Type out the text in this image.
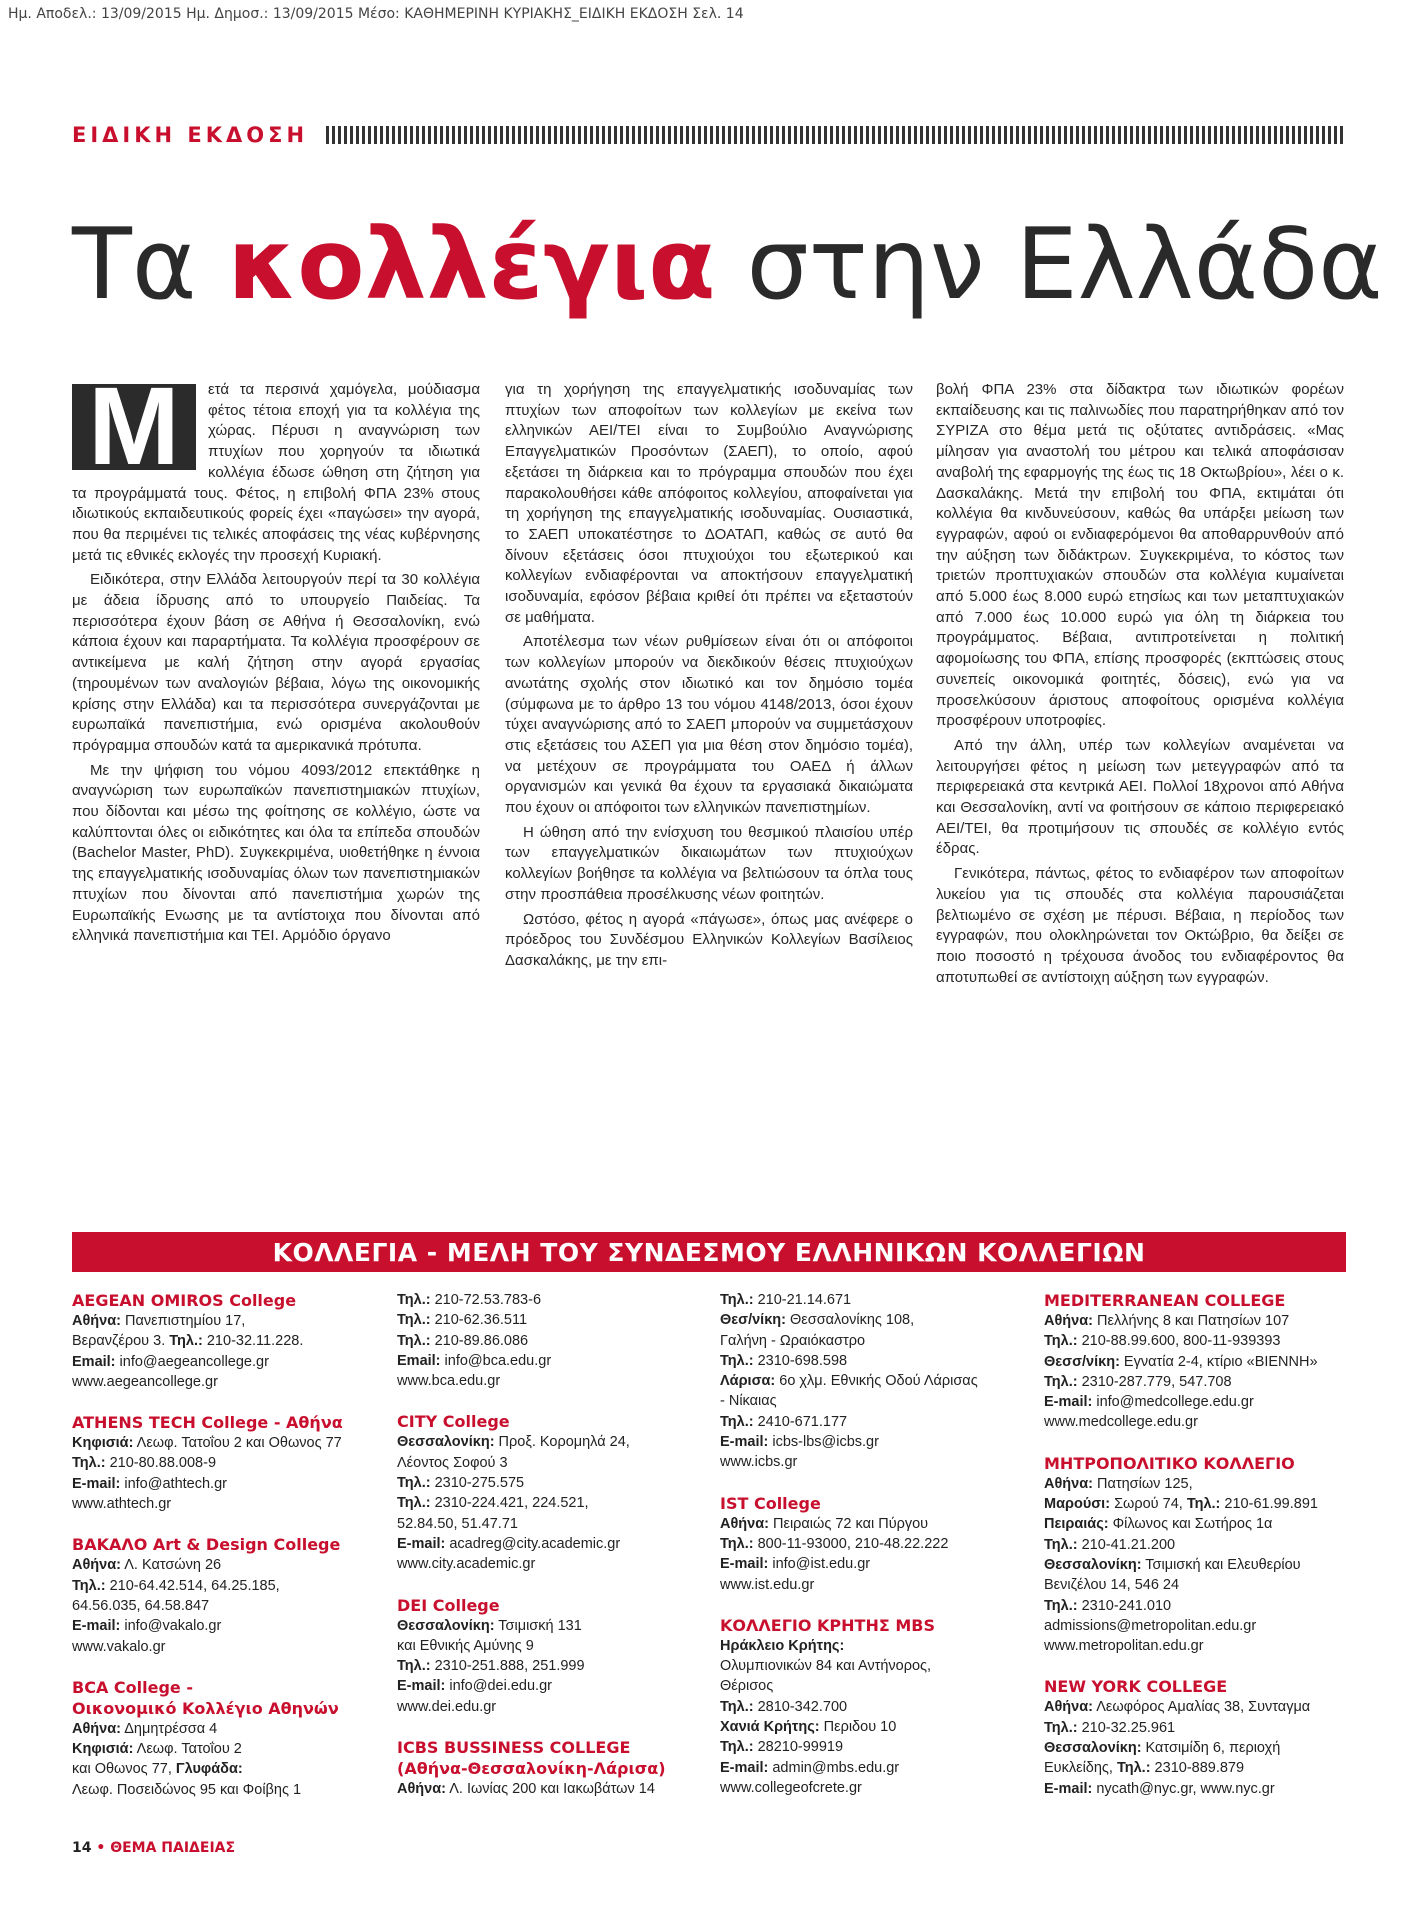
Ημ. Αποδελ.: 13/09/2015 Ημ. Δημοσ.: 13/09/2015 Μέσο: ΚΑΘΗΜΕΡΙΝΗ ΚΥΡΙΑΚΗΣ_ΕΙΔΙΚΗ ΕΚΔΟΣΗ Σελ. 14
ΕΙΔΙΚΗ ΕΚΔΟΣΗ
Τα κολλέγια στην Ελλάδα
Μ	ετά τα περσινά χαμόγελα, μούδιασμα φέτος τέτοια εποχή για τα κολλέγια της χώρας. Πέρυσι η αναγνώριση των πτυχίων που χορηγούν τα ιδιωτικά κολλέγια έδωσε ώθηση στη ζήτηση για τα προγράμματά τους. Φέτος, η επιβολή ΦΠΑ 23% στους ιδιωτικούς εκπαιδευτικούς φορείς έχει «παγώσει» την αγορά, που θα περιμένει τις τελικές αποφάσεις της νέας κυβέρνησης μετά τις εθνικές εκλογές την προσεχή Κυριακή.

Ειδικότερα, στην Ελλάδα λειτουργούν περί τα 30 κολλέγια με άδεια ίδρυσης από το υπουργείο Παιδείας. Τα περισσότερα έχουν βάση σε Αθήνα ή Θεσσαλονίκη, ενώ κάποια έχουν και παραρτήματα. Τα κολλέγια προσφέρουν σε αντικείμενα με καλή ζήτηση στην αγορά εργασίας (τηρουμένων των αναλογιών βέβαια, λόγω της οικονομικής κρίσης στην Ελλάδα) και τα περισσότερα συνεργάζονται με ευρωπαϊκά πανεπιστήμια, ενώ ορισμένα ακολουθούν πρόγραμμα σπουδών κατά τα αμερικανικά πρότυπα.

Με την ψήφιση του νόμου 4093/2012 επεκτάθηκε η αναγνώριση των ευρωπαϊκών πανεπιστημιακών πτυχίων, που δίδονται και μέσω της φοίτησης σε κολλέγιο, ώστε να καλύπτονται όλες οι ειδικότητες και όλα τα επίπεδα σπουδών (Bachelor Master, PhD). Συγκεκριμένα, υιοθετήθηκε η έννοια της επαγγελματικής ισοδυναμίας όλων των πανεπιστημιακών πτυχίων που δίνονται από πανεπιστήμια χωρών της Ευρωπαϊκής Ενωσης με τα αντίστοιχα που δίνονται από ελληνικά πανεπιστήμια και ΤΕΙ. Αρμόδιο όργανο

για τη χορήγηση της επαγγελματικής ισοδυναμίας των πτυχίων των αποφοίτων των κολλεγίων με εκείνα των ελληνικών ΑΕΙ/ΤΕΙ είναι το Συμβούλιο Αναγνώρισης Επαγγελματικών Προσόντων (ΣΑΕΠ), το οποίο, αφού εξετάσει τη διάρκεια και το πρόγραμμα σπουδών που έχει παρακολουθήσει κάθε απόφοιτος κολλεγίου, αποφαίνεται για τη χορήγηση της επαγγελματικής ισοδυναμίας. Ουσιαστικά, το ΣΑΕΠ υποκατέστησε το ΔΟΑΤΑΠ, καθώς σε αυτό θα δίνουν εξετάσεις όσοι πτυχιούχοι του εξωτερικού και κολλεγίων ενδιαφέρονται να αποκτήσουν επαγγελματική ισοδυναμία, εφόσον βέβαια κριθεί ότι πρέπει να εξεταστούν σε μαθήματα.

Αποτέλεσμα των νέων ρυθμίσεων είναι ότι οι απόφοιτοι των κολλεγίων μπορούν να διεκδικούν θέσεις πτυχιούχων ανωτάτης σχολής στον ιδιωτικό και τον δημόσιο τομέα (σύμφωνα με το άρθρο 13 του νόμου 4148/2013, όσοι έχουν τύχει αναγνώρισης από το ΣΑΕΠ μπορούν να συμμετάσχουν στις εξετάσεις του ΑΣΕΠ για μια θέση στον δημόσιο τομέα), να μετέχουν σε προγράμματα του ΟΑΕΔ ή άλλων οργανισμών και γενικά θα έχουν τα εργασιακά δικαιώματα που έχουν οι απόφοιτοι των ελληνικών πανεπιστημίων.

Η ώθηση από την ενίσχυση του θεσμικού πλαισίου υπέρ των επαγγελματικών δικαιωμάτων των πτυχιούχων κολλεγίων βοήθησε τα κολλέγια να βελτιώσουν τα όπλα τους στην προσπάθεια προσέλκυσης νέων φοιτητών.

Ωστόσο, φέτος η αγορά «πάγωσε», όπως μας ανέφερε ο πρόεδρος του Συνδέσμου Ελληνικών Κολλεγίων Βασίλειος Δασκαλάκης, με την επι-

βολή ΦΠΑ 23% στα δίδακτρα των ιδιωτικών φορέων εκπαίδευσης και τις παλινωδίες που παρατηρήθηκαν από τον ΣΥΡΙΖΑ στο θέμα μετά τις οξύτατες αντιδράσεις. «Μας μίλησαν για αναστολή του μέτρου και τελικά αποφάσισαν αναβολή της εφαρμογής της έως τις 18 Οκτωβρίου», λέει ο κ. Δασκαλάκης. Μετά την επιβολή του ΦΠΑ, εκτιμάται ότι κολλέγια θα κινδυνεύσουν, καθώς θα υπάρξει μείωση των εγγραφών, αφού οι ενδιαφερόμενοι θα αποθαρρυνθούν από την αύξηση των διδάκτρων. Συγκεκριμένα, το κόστος των τριετών προπτυχιακών σπουδών στα κολλέγια κυμαίνεται από 5.000 έως 8.000 ευρώ ετησίως και των μεταπτυχιακών από 7.000 έως 10.000 ευρώ για όλη τη διάρκεια του προγράμματος. Βέβαια, αντιπροτείνεται η πολιτική αφομοίωσης του ΦΠΑ, επίσης προσφορές (εκπτώσεις στους συνεπείς οικονομικά φοιτητές, δόσεις), ενώ για να προσελκύσουν άριστους αποφοίτους ορισμένα κολλέγια προσφέρουν υποτροφίες.

Από την άλλη, υπέρ των κολλεγίων αναμένεται να λειτουργήσει φέτος η μείωση των μετεγγραφών από τα περιφερειακά στα κεντρικά ΑΕΙ. Πολλοί 18χρονοι από Αθήνα και Θεσσαλονίκη, αντί να φοιτήσουν σε κάποιο περιφερειακό ΑΕΙ/ΤΕΙ, θα προτιμήσουν τις σπουδές σε κολλέγιο εντός έδρας.

Γενικότερα, πάντως, φέτος το ενδιαφέρον των αποφοίτων λυκείου για τις σπουδές στα κολλέγια παρουσιάζεται βελτιωμένο σε σχέση με πέρυσι. Βέβαια, η περίοδος των εγγραφών, που ολοκληρώνεται τον Οκτώβριο, θα δείξει σε ποιο ποσοστό η τρέχουσα άνοδος του ενδιαφέροντος θα αποτυπωθεί σε αντίστοιχη αύξηση των εγγραφών.

ΚΟΛΛΕΓΙΑ - ΜΕΛΗ ΤΟΥ ΣΥΝΔΕΣΜΟΥ ΕΛΛΗΝΙΚΩΝ ΚΟΛΛΕΓΙΩΝ
AEGEAN OMIROS College
Αθήνα: Πανεπιστημίου 17,
Βερανζέρου 3. Τηλ.: 210-32.11.228.
Email: info@aegeancollege.gr
www.aegeancollege.gr
ATHENS TECH College - Αθήνα
Κηφισιά: Λεωφ. Τατοΐου 2 και Οθωνος 77
Τηλ.: 210-80.88.008-9
E-mail: info@athtech.gr
www.athtech.gr
ΒΑΚΑΛΟ Art & Design College
Αθήνα: Λ. Κατσώνη 26
Τηλ.: 210-64.42.514, 64.25.185,
64.56.035, 64.58.847
E-mail: info@vakalo.gr
www.vakalo.gr
BCA College -
Οικονομικό Κολλέγιο Αθηνών
Αθήνα: Δημητρέσσα 4
Κηφισιά: Λεωφ. Τατοΐου 2
και Οθωνος 77, Γλυφάδα:
Λεωφ. Ποσειδώνος 95 και Φοίβης 1
Τηλ.: 210-72.53.783-6
Τηλ.: 210-62.36.511
Τηλ.: 210-89.86.086
Email: info@bca.edu.gr
www.bca.edu.gr
CITY College
Θεσσαλονίκη: Προξ. Κορομηλά 24,
Λέοντος Σοφού 3
Τηλ.: 2310-275.575
Τηλ.: 2310-224.421, 224.521,
52.84.50, 51.47.71
E-mail: acadreg@city.academic.gr
www.city.academic.gr
DEI College
Θεσσαλονίκη: Τσιμισκή 131
και Εθνικής Αμύνης 9
Τηλ.: 2310-251.888, 251.999
E-mail: info@dei.edu.gr
www.dei.edu.gr
ICBS BUSSINESS COLLEGE
(Αθήνα-Θεσσαλονίκη-Λάρισα)
Αθήνα: Λ. Ιωνίας 200 και Ιακωβάτων 14
Τηλ.: 210-21.14.671
Θεσ/νίκη: Θεσσαλονίκης 108,
Γαλήνη - Ωραιόκαστρο
Τηλ.: 2310-698.598
Λάρισα: 6ο χλμ. Εθνικής Οδού Λάρισας
- Νίκαιας
Τηλ.: 2410-671.177
E-mail: icbs-lbs@icbs.gr
www.icbs.gr
IST College
Αθήνα: Πειραιώς 72 και Πύργου
Τηλ.: 800-11-93000, 210-48.22.222
E-mail: info@ist.edu.gr
www.ist.edu.gr
ΚΟΛΛΕΓΙΟ ΚΡΗΤΗΣ MBS
Ηράκλειο Κρήτης:
Ολυμπιονικών 84 και Αντήνορος,
Θέρισος
Τηλ.: 2810-342.700
Χανιά Κρήτης: Περιδου 10
Τηλ.: 28210-99919
E-mail: admin@mbs.edu.gr
www.collegeofcrete.gr
MEDITERRANEAN COLLEGE
Αθήνα: Πελλήνης 8 και Πατησίων 107
Τηλ.: 210-88.99.600, 800-11-939393
Θεσσ/νίκη: Εγνατία 2-4, κτίριο «ΒΙΕΝΝΗ»
Τηλ.: 2310-287.779, 547.708
E-mail: info@medcollege.edu.gr
www.medcollege.edu.gr
ΜΗΤΡΟΠΟΛΙΤΙΚΟ ΚΟΛΛΕΓΙΟ
Αθήνα: Πατησίων 125,
Μαρούσι: Σωρού 74, Τηλ.: 210-61.99.891
Πειραιάς: Φίλωνος και Σωτήρος 1α
Τηλ.: 210-41.21.200
Θεσσαλονίκη: Τσιμισκή και Ελευθερίου
Βενιζέλου 14, 546 24
Τηλ.: 2310-241.010
admissions@metropolitan.edu.gr
www.metropolitan.edu.gr
NEW YORK COLLEGE
Αθήνα: Λεωφόρος Αμαλίας 38, Συνταγμα
Τηλ.: 210-32.25.961
Θεσσαλονίκη: Κατσιμίδη 6, περιοχή
Ευκλείδης, Τηλ.: 2310-889.879
E-mail: nycath@nyc.gr, www.nyc.gr
14 • ΘΕΜΑ ΠΑΙΔΕΙΑΣ
